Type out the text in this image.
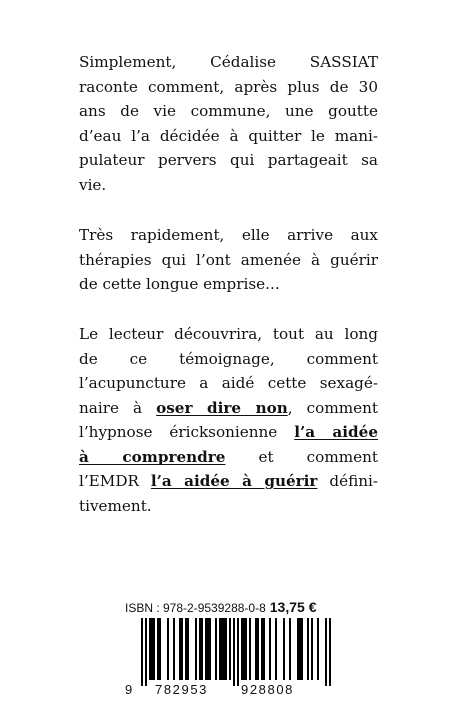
Simplement, Cédalise SASSIAT
raconte comment, après plus de 30
ans de vie commune, une goutte
d’eau l’a décidée à quitter le mani-
pulateur pervers qui partageait sa
vie.
Très rapidement, elle arrive aux
thérapies qui l’ont amenée à guérir
de cette longue emprise...
Le lecteur découvrira, tout au long
de ce témoignage, comment
l’acupuncture a aidé cette sexagé-
naire à oser dire non, comment
l’hypnose éricksonienne l’a aidée
à comprendre et comment
l’EMDR l’a aidée à guérir défini-
tivement.
ISBN : 978-2-9539288-0-8 13,75 €
9 782953	928808
